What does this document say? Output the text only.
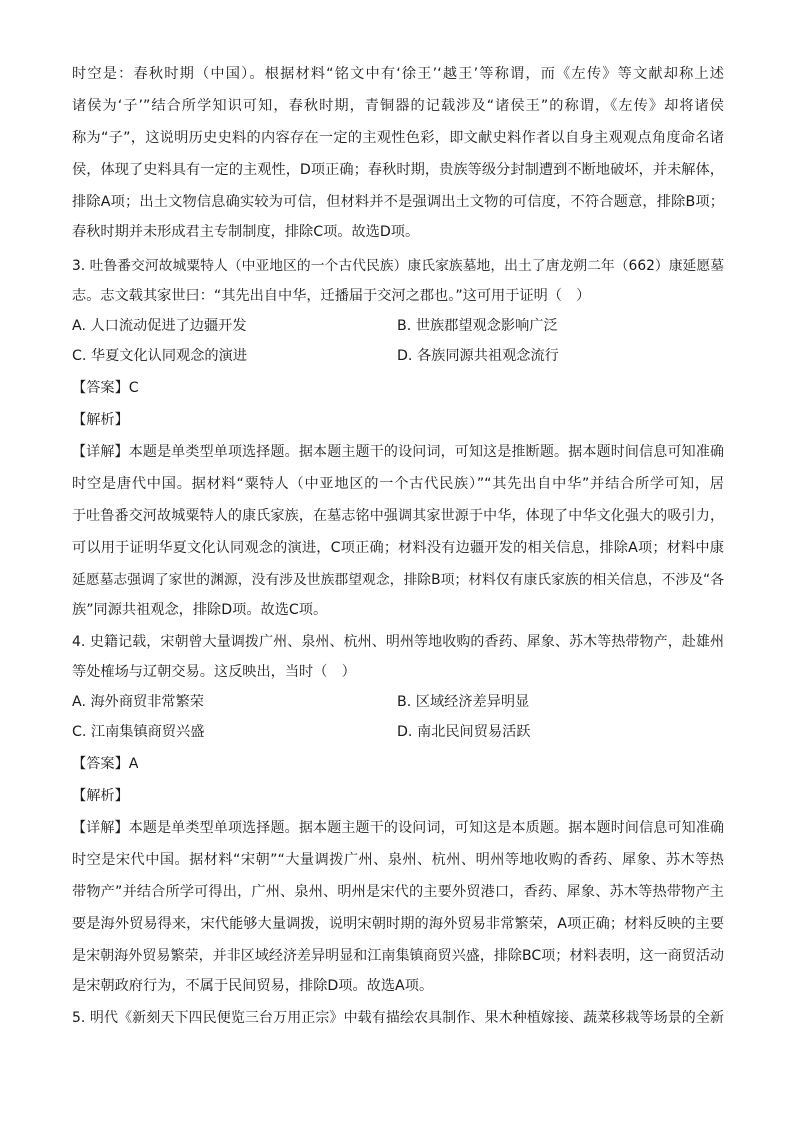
时空是：春秋时期（中国）。根据材料“铭文中有‘徐王’‘越王’等称谓，而《左传》等文献却称上述
诸侯为‘子’”结合所学知识可知，春秋时期，青铜器的记载涉及“诸侯王”的称谓，《左传》却将诸侯
称为“子”，这说明历史史料的内容存在一定的主观性色彩，即文献史料作者以自身主观观点角度命名诸
侯，体现了史料具有一定的主观性，D项正确；春秋时期，贵族等级分封制遭到不断地破坏，并未解体，
排除A项；出土文物信息确实较为可信，但材料并不是强调出土文物的可信度，不符合题意，排除B项；
春秋时期并未形成君主专制制度，排除C项。故选D项。
3. 吐鲁番交河故城粟特人（中亚地区的一个古代民族）康氏家族墓地，出土了唐龙朔二年（662）康延愿墓
志。志文载其家世曰：“其先出自中华，迁播届于交河之郡也。”这可用于证明（　）
A. 人口流动促进了边疆开发	B. 世族郡望观念影响广泛
C. 华夏文化认同观念的演进	D. 各族同源共祖观念流行
【答案】C
【解析】
【详解】本题是单类型单项选择题。据本题主题干的设问词，可知这是推断题。据本题时间信息可知准确
时空是唐代中国。据材料“粟特人（中亚地区的一个古代民族）”“其先出自中华”并结合所学可知，居
于吐鲁番交河故城粟特人的康氏家族，在墓志铭中强调其家世源于中华，体现了中华文化强大的吸引力，
可以用于证明华夏文化认同观念的演进，C项正确；材料没有边疆开发的相关信息，排除A项；材料中康
延愿墓志强调了家世的渊源，没有涉及世族郡望观念，排除B项；材料仅有康氏家族的相关信息，不涉及“各
族”同源共祖观念，排除D项。故选C项。
4. 史籍记载，宋朝曾大量调拨广州、泉州、杭州、明州等地收购的香药、犀象、苏木等热带物产，赴雄州
等处榷场与辽朝交易。这反映出，当时（　）
A. 海外商贸非常繁荣	B. 区域经济差异明显
C. 江南集镇商贸兴盛	D. 南北民间贸易活跃
【答案】A
【解析】
【详解】本题是单类型单项选择题。据本题主题干的设问词，可知这是本质题。据本题时间信息可知准确
时空是宋代中国。据材料“宋朝”“大量调拨广州、泉州、杭州、明州等地收购的香药、犀象、苏木等热
带物产”并结合所学可得出，广州、泉州、明州是宋代的主要外贸港口，香药、犀象、苏木等热带物产主
要是海外贸易得来，宋代能够大量调拨，说明宋朝时期的海外贸易非常繁荣，A项正确；材料反映的主要
是宋朝海外贸易繁荣，并非区域经济差异明显和江南集镇商贸兴盛，排除BC项；材料表明，这一商贸活动
是宋朝政府行为，不属于民间贸易，排除D项。故选A项。
5. 明代《新刻天下四民便览三台万用正宗》中载有描绘农具制作、果木种植嫁接、蔬菜移栽等场景的全新
